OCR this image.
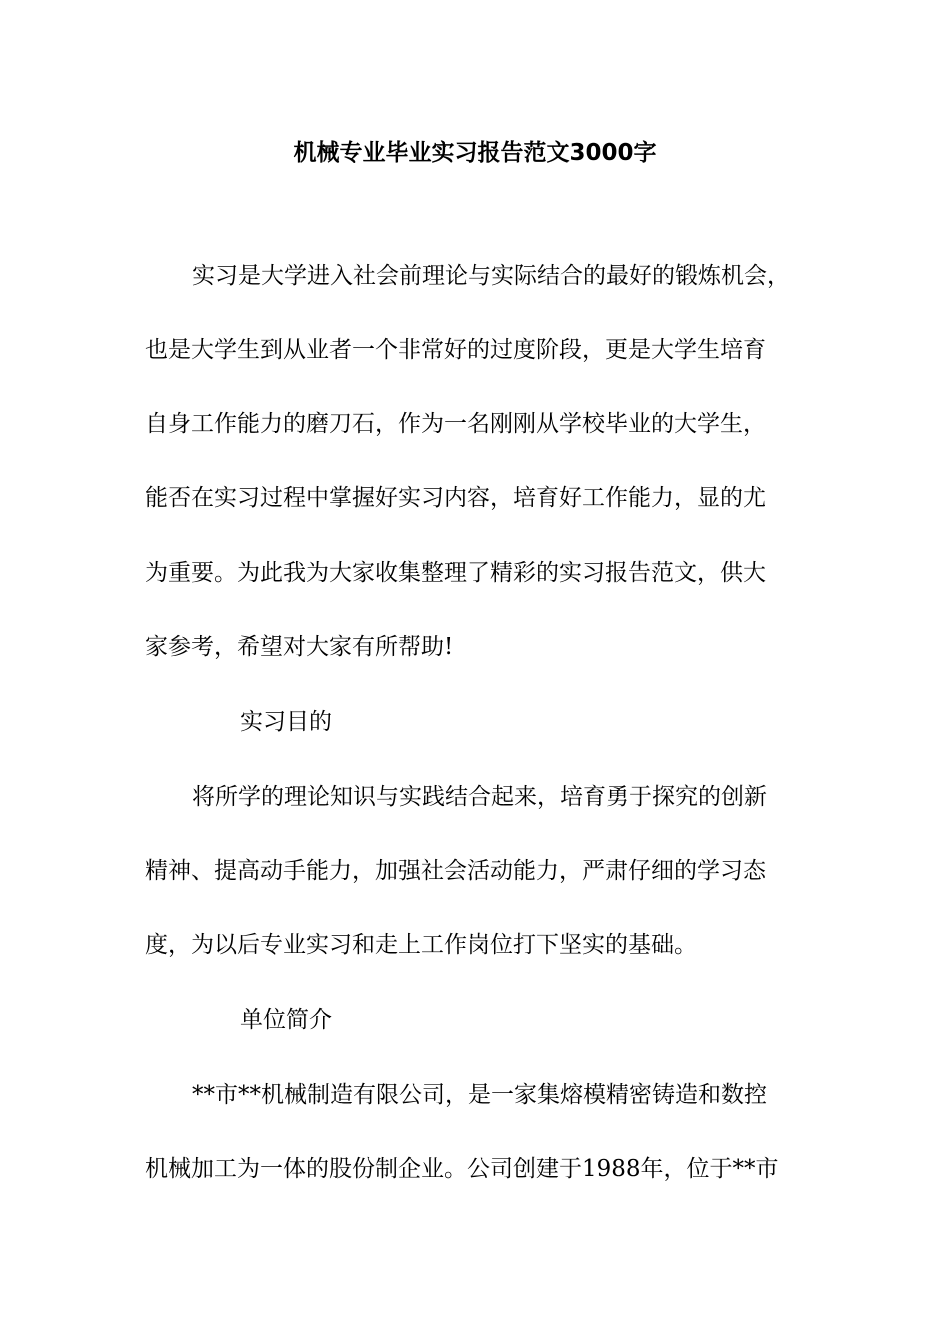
机械专业毕业实习报告范文3000字
实习是大学进入社会前理论与实际结合的最好的锻炼机会，
也是大学生到从业者一个非常好的过度阶段，更是大学生培育
自身工作能力的磨刀石，作为一名刚刚从学校毕业的大学生，
能否在实习过程中掌握好实习内容，培育好工作能力，显的尤
为重要。为此我为大家收集整理了精彩的实习报告范文，供大
家参考，希望对大家有所帮助!
实习目的
将所学的理论知识与实践结合起来，培育勇于探究的创新
精神、提高动手能力，加强社会活动能力，严肃仔细的学习态
度，为以后专业实习和走上工作岗位打下坚实的基础。
单位简介
**市**机械制造有限公司，是一家集熔模精密铸造和数控
机械加工为一体的股份制企业。公司创建于1988年，位于**市
